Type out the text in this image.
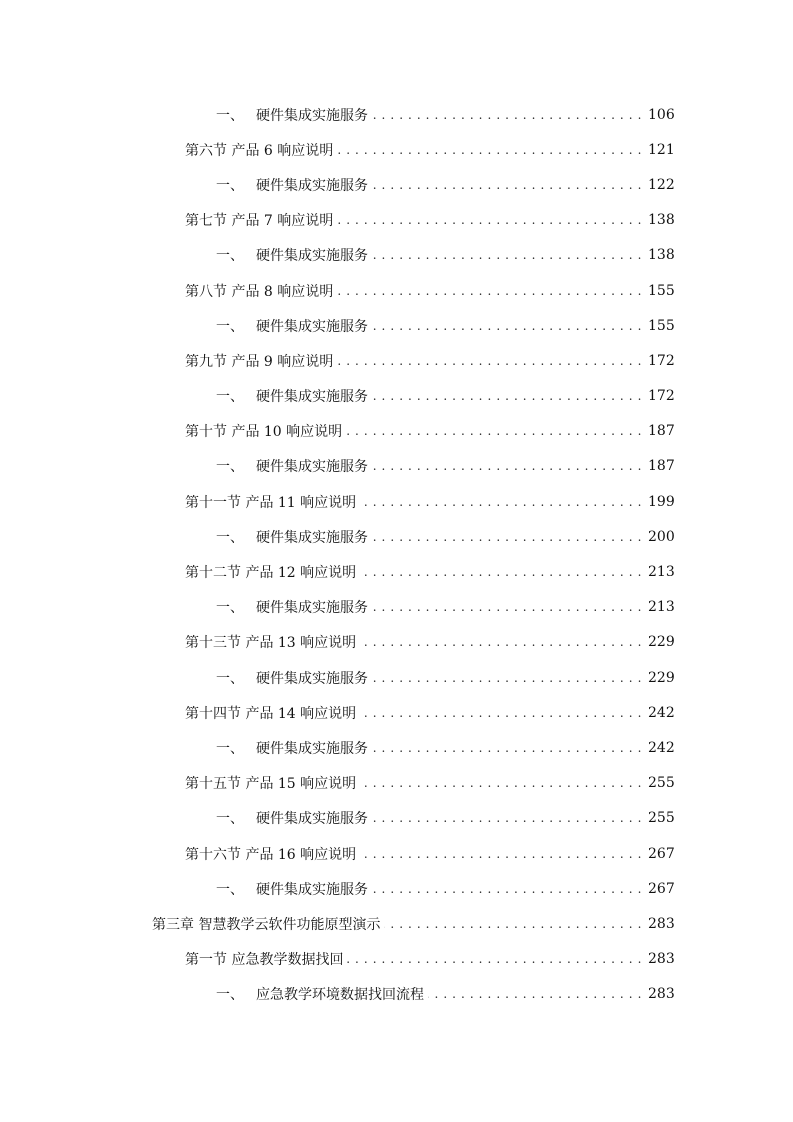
一、 硬件集成实施服务 . . .	106
第六节 产品 6 响应说明 . . .	121
一、 硬件集成实施服务 . . .	122
第七节 产品 7 响应说明 . . .	138
一、 硬件集成实施服务 . . .	138
第八节 产品 8 响应说明 . . .	155
一、 硬件集成实施服务 . . .	155
第九节 产品 9 响应说明 . . .	172
一、 硬件集成实施服务 . . .	172
第十节 产品 10 响应说明 . . .	187
一、 硬件集成实施服务 . . .	187
第十一节 产品 11 响应说明 . . .	199
一、 硬件集成实施服务 . . .	200
第十二节 产品 12 响应说明 . . .	213
一、 硬件集成实施服务 . . .	213
第十三节 产品 13 响应说明 . . .	229
一、 硬件集成实施服务 . . .	229
第十四节 产品 14 响应说明 . . .	242
一、 硬件集成实施服务 . . .	242
第十五节 产品 15 响应说明 . . .	255
一、 硬件集成实施服务 . . .	255
第十六节 产品 16 响应说明 . . .	267
一、 硬件集成实施服务 . . .	267
第三章 智慧教学云软件功能原型演示 . . .	283
第一节 应急教学数据找回 . . .	283
一、 应急教学环境数据找回流程 . . .	283
